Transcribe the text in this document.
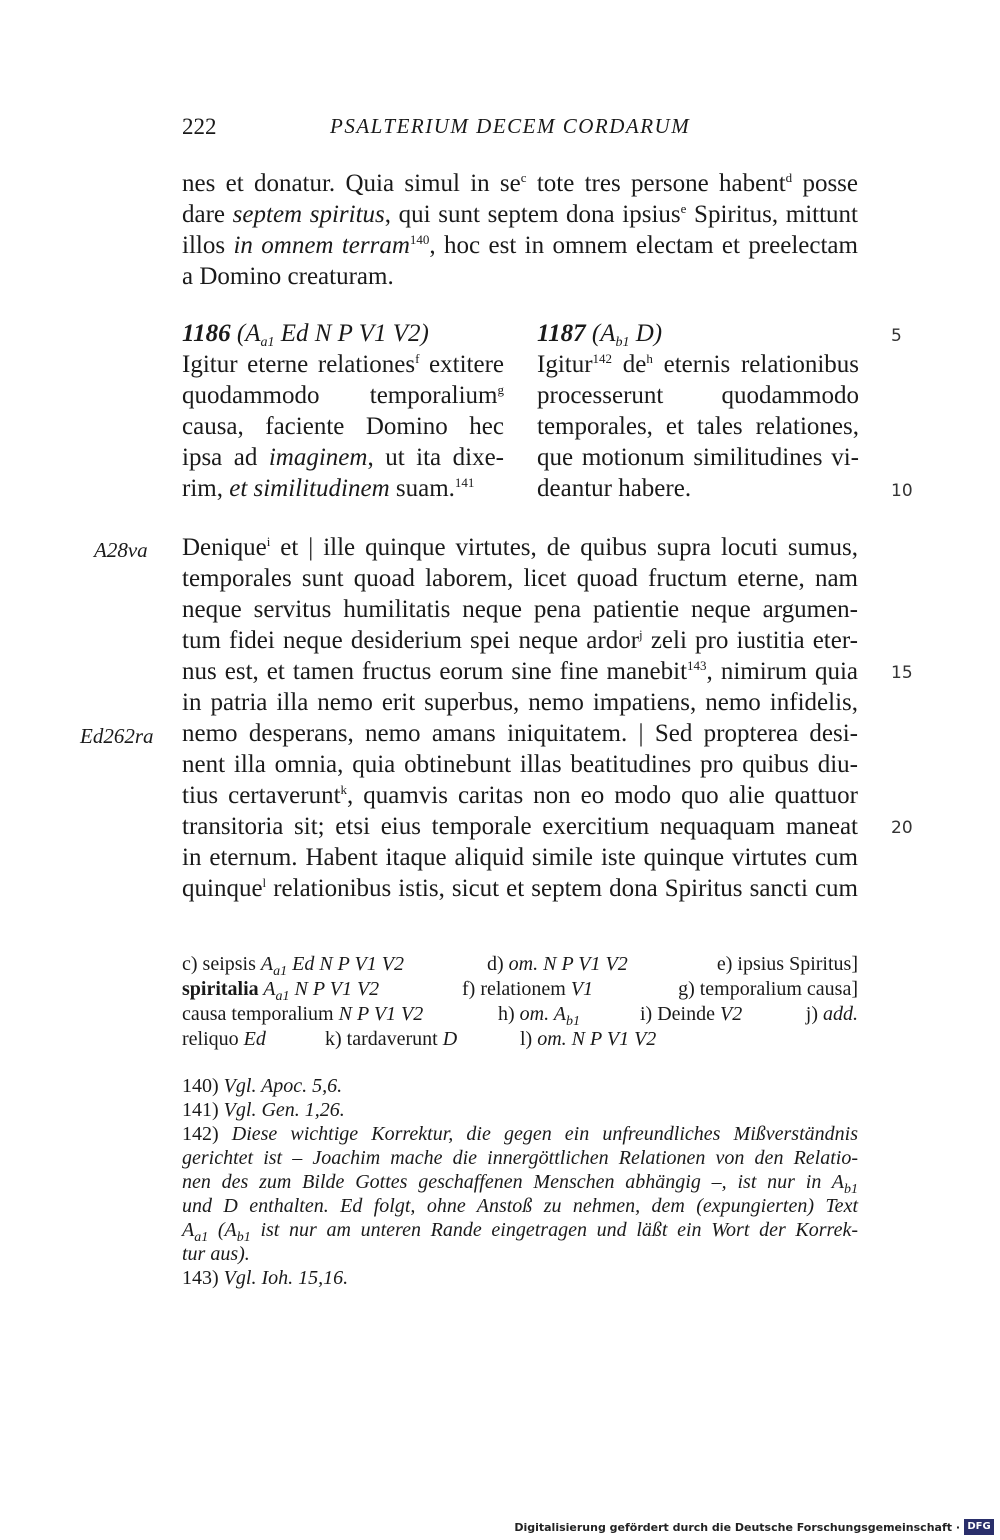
222	PSALTERIUM DECEM CORDARUM
nes et donatur. Quia simul in $se^c$ tote tres persone habent$^d$ posse
dare septem spiritus, qui sunt septem dona ipsius$^e$ Spiritus, mittunt
illos in omnem terram$^{140}$, hoc est in omnem electam et preelectam
a Domino creaturam.
1186 ($A_{a1}$ Ed N P V1 V2)
Igitur eterne relationes$^f$ extitere
quodammodo temporalium$^g$
causa, faciente Domino hec
ipsa ad imaginem, ut ita dixe-
rim, et similitudinem suam.$^{141}$
1187 ($A_{b1}$ D)
Igitur$^{142}$ $de^h$ eternis relationibus
processerunt quodammodo
temporales, et tales relationes,
que motionum similitudines vi-
deantur habere.
Denique$^i$ et | ille quinque virtutes, de quibus supra locuti sumus,
temporales sunt quoad laborem, licet quoad fructum eterne, nam
neque servitus humilitatis neque pena patientie neque argumen-
tum fidei neque desiderium spei neque ardor$^j$ zeli pro iustitia eter-
nus est, et tamen fructus eorum sine fine manebit$^{143}$, nimirum quia
in patria illa nemo erit superbus, nemo impatiens, nemo infidelis,
nemo desperans, nemo amans iniquitatem. | Sed propterea desi-
nent illa omnia, quia obtinebunt illas beatitudines pro quibus diu-
tius certaverunt$^k$, quamvis caritas non eo modo quo alie quattuor
transitoria sit; etsi eius temporale exercitium nequaquam maneat
in eternum. Habent itaque aliquid simile iste quinque virtutes cum
quinque$^l$ relationibus istis, sicut et septem dona Spiritus sancti cum
5
10
15
20
A28va
Ed262ra
c) seipsis $A_{a1}$ Ed N P V1 V2	d) om. N P V1 V2	e) ipsius Spiritus]
spiritalia $A_{a1}$ N P V1 V2	f) relationem V1	g) temporalium causa]
causa temporalium N P V1 V2	h) om. $A_{b1}$	i) Deinde V2	j) add.
reliquo Ed	k) tardaverunt D	l) om. N P V1 V2
140) Vgl. Apoc. 5,6.
141) Vgl. Gen. 1,26.
142) Diese wichtige Korrektur, die gegen ein unfreundliches Mißverständnis
gerichtet ist – Joachim mache die innergöttlichen Relationen von den Relatio-
nen des zum Bilde Gottes geschaffenen Menschen abhängig –, ist nur in $A_{b1}$
und D enthalten. Ed folgt, ohne Anstoß zu nehmen, dem (expungierten) Text
$A_{a1}$ ($A_{b1}$ ist nur am unteren Rande eingetragen und läßt ein Wort der Korrek-
tur aus).
143) Vgl. Ioh. 15,16.
Digitalisierung gefördert durch die Deutsche Forschungsgemeinschaft · DFG
